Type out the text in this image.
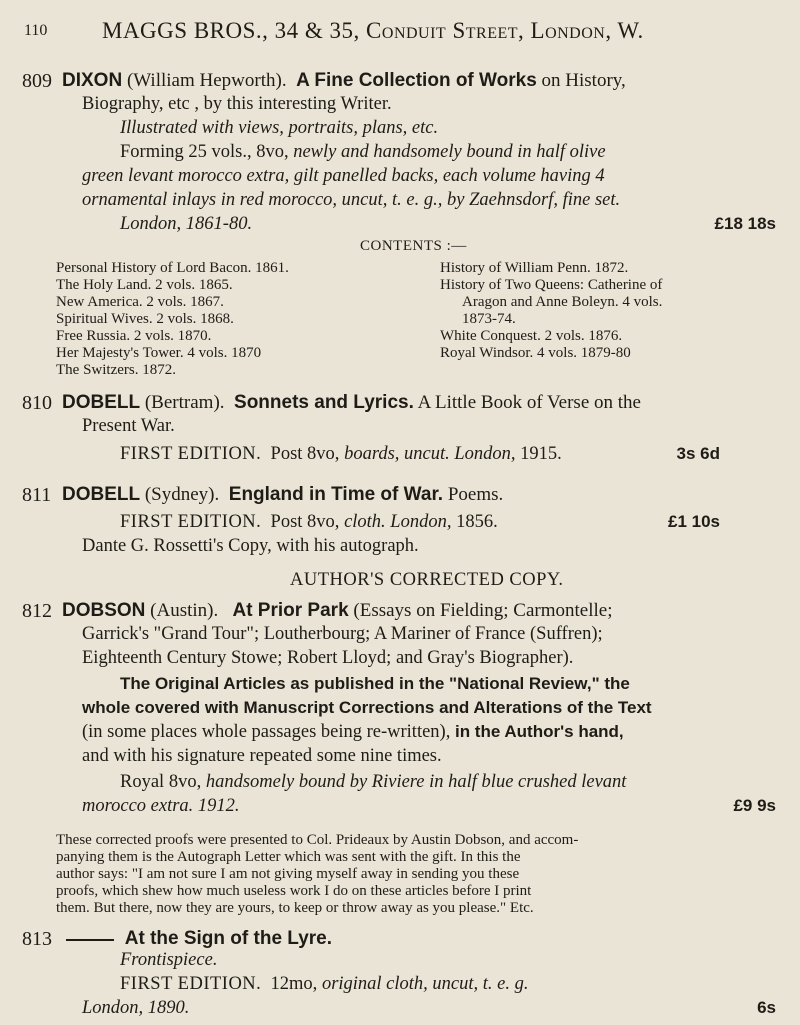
110 MAGGS BROS., 34 & 35, Conduit Street, London, W.
809 DIXON (William Hepworth). A Fine Collection of Works on History,
Biography, etc , by this interesting Writer.
Illustrated with views, portraits, plans, etc.
Forming 25 vols., 8vo, newly and handsomely bound in half olive
green levant morocco extra, gilt panelled backs, each volume having 4
ornamental inlays in red morocco, uncut, t. e. g., by Zaehnsdorf, fine set.
London, 1861-80.	£18 18s
CONTENTS :—
Personal History of Lord Bacon. 1861.
The Holy Land. 2 vols. 1865.
New America. 2 vols. 1867.
Spiritual Wives. 2 vols. 1868.
Free Russia. 2 vols. 1870.
Her Majesty's Tower. 4 vols. 1870
The Switzers. 1872.
History of William Penn. 1872.
History of Two Queens: Catherine of
Aragon and Anne Boleyn. 4 vols.
1873-74.
White Conquest. 2 vols. 1876.
Royal Windsor. 4 vols. 1879-80
810 DOBELL (Bertram). Sonnets and Lyrics. A Little Book of Verse on the
Present War.
FIRST EDITION. Post 8vo, boards, uncut. London, 1915.	3s 6d
811 DOBELL (Sydney). England in Time of War. Poems.
FIRST EDITION. Post 8vo, cloth. London, 1856.	£1 10s
Dante G. Rossetti's Copy, with his autograph.
AUTHOR'S CORRECTED COPY.
812 DOBSON (Austin). At Prior Park (Essays on Fielding; Carmontelle;
Garrick's "Grand Tour"; Loutherbourg; A Mariner of France (Suffren);
Eighteenth Century Stowe; Robert Lloyd; and Gray's Biographer).
The Original Articles as published in the "National Review," the
whole covered with Manuscript Corrections and Alterations of the Text
(in some places whole passages being re-written), in the Author's hand,
and with his signature repeated some nine times.
Royal 8vo, handsomely bound by Riviere in half blue crushed levant
morocco extra. 1912.	£9 9s
These corrected proofs were presented to Col. Prideaux by Austin Dobson, and accom-
panying them is the Autograph Letter which was sent with the gift. In this the
author says: "I am not sure I am not giving myself away in sending you these
proofs, which shew how much useless work I do on these articles before I print
them. But there, now they are yours, to keep or throw away as you please." Etc.
813	At the Sign of the Lyre.
Frontispiece.
FIRST EDITION. 12mo, original cloth, uncut, t. e. g.
London, 1890.	6s
